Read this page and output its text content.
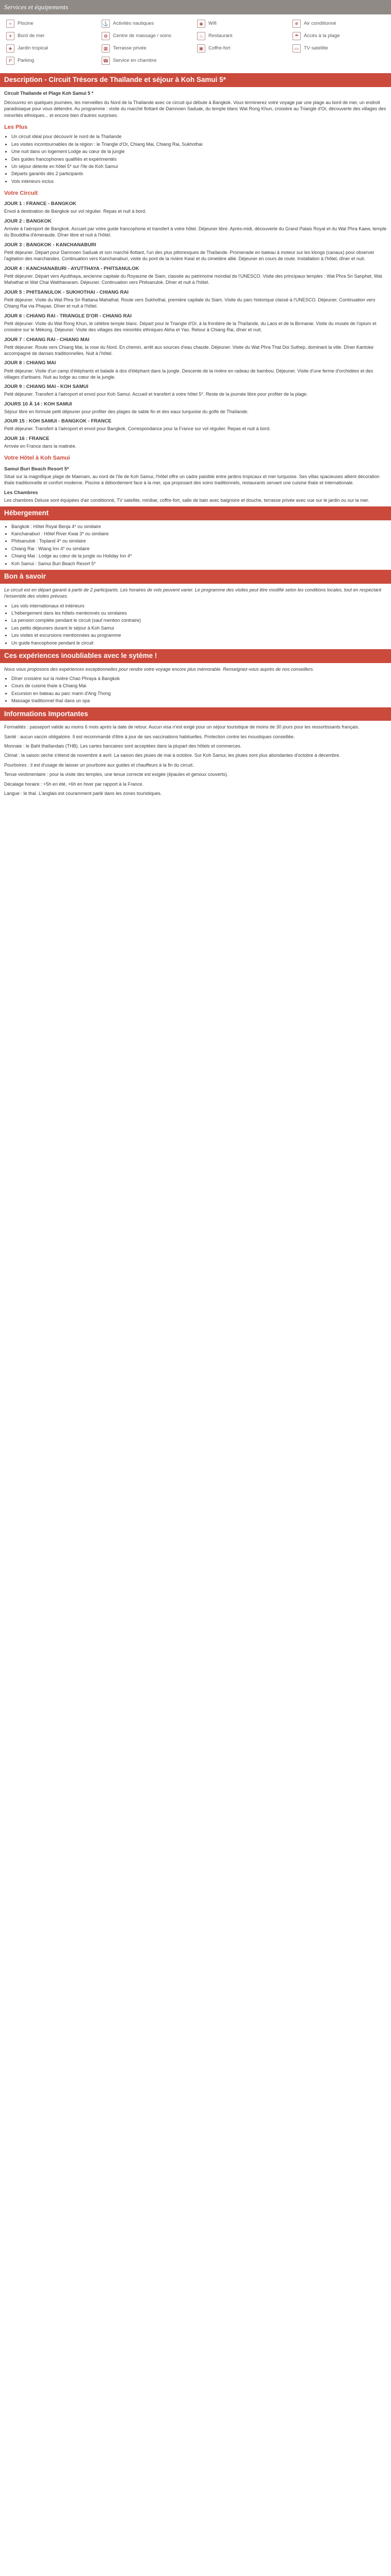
Services et équipements
≈	Piscine	⚓ Activités nautiques	◉	Wifi	❄	Air conditionné
☀	Bord de mer	✿	Centre de massage / soins	♨	Restaurant	☂	Accès à la plage
♣	Jardin tropical	▦	Terrasse privée	▣	Coffre-fort	▭	TV satellite
P	Parking	☎ Service en chambre
Description - Circuit Trésors de Thaïlande et séjour à Koh Samui 5*

Circuit Thaïlande et Plage Koh Samui 5 *

Découvrez en quelques journées, les merveilles du Nord de la Thaïlande avec ce circuit qui débute à Bangkok. Vous terminerez votre voyage par une plage au bord de mer, un endroit paradisiaque pour vous détendre. Au programme : visite du marché flottant de Damnoen Saduak, du temple blanc Wat Rong Khun, croisière au Triangle d'Or, découverte des villages des minorités ethniques... et encore bien d'autres surprises.

Les Plus
• Un circuit idéal pour découvrir le nord de la Thaïlande
• Les visites incontournables de la région : le Triangle d'Or, Chiang Mai, Chiang Rai, Sukhothai
• Une nuit dans un logement Lodge au cœur de la jungle
• Des guides francophones qualifiés et expérimentés
• Un séjour détente en hôtel 5* sur l'île de Koh Samui
• Départs garantis dès 2 participants
• Vols intérieurs inclus
Votre Circuit
JOUR 1 : FRANCE - BANGKOK

Envol à destination de Bangkok sur vol régulier. Repas et nuit à bord.

JOUR 2 : BANGKOK

Arrivée à l'aéroport de Bangkok. Accueil par votre guide francophone et transfert à votre hôtel. Déjeuner libre. Après-midi, découverte du Grand Palais Royal et du Wat Phra Kaew, temple du Bouddha d'émeraude. Dîner libre et nuit à l'hôtel.

JOUR 3 : BANGKOK - KANCHANABURI

Petit déjeuner. Départ pour Damnoen Saduak et son marché flottant, l'un des plus pittoresques de Thaïlande. Promenade en bateau à moteur sur les klongs (canaux) pour observer l'agitation des marchandes. Continuation vers Kanchanaburi, visite du pont de la rivière Kwaï et du cimetière allié. Déjeuner en cours de route. Installation à l'hôtel, dîner et nuit.

JOUR 4 : KANCHANABURI - AYUTTHAYA - PHITSANULOK

Petit déjeuner. Départ vers Ayutthaya, ancienne capitale du Royaume de Siam, classée au patrimoine mondial de l'UNESCO. Visite des principaux temples : Wat Phra Sri Sanphet, Wat Mahathat et Wat Chai Watthanaram. Déjeuner. Continuation vers Phitsanulok. Dîner et nuit à l'hôtel.

JOUR 5 : PHITSANULOK - SUKHOTHAI - CHIANG RAI

Petit déjeuner. Visite du Wat Phra Sri Rattana Mahathat. Route vers Sukhothai, première capitale du Siam. Visite du parc historique classé à l'UNESCO. Déjeuner. Continuation vers Chiang Rai via Phayao. Dîner et nuit à l'hôtel.

JOUR 6 : CHIANG RAI - TRIANGLE D'OR - CHIANG RAI

Petit déjeuner. Visite du Wat Rong Khun, le célèbre temple blanc. Départ pour le Triangle d'Or, à la frontière de la Thaïlande, du Laos et de la Birmanie. Visite du musée de l'opium et croisière sur le Mékong. Déjeuner. Visite des villages des minorités ethniques Akha et Yao. Retour à Chiang Rai, dîner et nuit.

JOUR 7 : CHIANG RAI - CHIANG MAI

Petit déjeuner. Route vers Chiang Mai, la rose du Nord. En chemin, arrêt aux sources d'eau chaude. Déjeuner. Visite du Wat Phra That Doi Suthep, dominant la ville. Dîner Kantoke accompagné de danses traditionnelles. Nuit à l'hôtel.

JOUR 8 : CHIANG MAI

Petit déjeuner. Visite d'un camp d'éléphants et balade à dos d'éléphant dans la jungle. Descente de la rivière en radeau de bambou. Déjeuner. Visite d'une ferme d'orchidées et des villages d'artisans. Nuit au lodge au cœur de la jungle.

JOUR 9 : CHIANG MAI - KOH SAMUI

Petit déjeuner. Transfert à l'aéroport et envol pour Koh Samui. Accueil et transfert à votre hôtel 5*. Reste de la journée libre pour profiter de la plage.

JOURS 10 À 14 : KOH SAMUI

Séjour libre en formule petit déjeuner pour profiter des plages de sable fin et des eaux turquoise du golfe de Thaïlande.

JOUR 15 : KOH SAMUI - BANGKOK - FRANCE

Petit déjeuner. Transfert à l'aéroport et envol pour Bangkok. Correspondance pour la France sur vol régulier. Repas et nuit à bord.

JOUR 16 : FRANCE

Arrivée en France dans la matinée.

Votre Hôtel à Koh Samui
Samui Buri Beach Resort 5*

Situé sur la magnifique plage de Maenam, au nord de l'île de Koh Samui, l'hôtel offre un cadre paisible entre jardins tropicaux et mer turquoise. Ses villas spacieuses allient décoration thaïe traditionnelle et confort moderne. Piscine à débordement face à la mer, spa proposant des soins traditionnels, restaurants servant une cuisine thaïe et internationale.

Les Chambres

Les chambres Deluxe sont équipées d'air conditionné, TV satellite, minibar, coffre-fort, salle de bain avec baignoire et douche, terrasse privée avec vue sur le jardin ou sur la mer.

Hébergement
• Bangkok : Hôtel Royal Benja 4* ou similaire
• Kanchanaburi : Hôtel River Kwai 3* ou similaire
• Phitsanulok : Topland 4* ou similaire
• Chiang Rai : Wiang Inn 4* ou similaire
• Chiang Mai : Lodge au cœur de la jungle ou Holiday Inn 4*
• Koh Samui : Samui Buri Beach Resort 5*
Bon à savoir

Le circuit est en départ garanti à partir de 2 participants. Les horaires de vols peuvent varier. Le programme des visites peut être modifié selon les conditions locales, tout en respectant l'ensemble des visites prévues.

• Les vols internationaux et intérieurs
• L'hébergement dans les hôtels mentionnés ou similaires
• La pension complète pendant le circuit (sauf mention contraire)
• Les petits déjeuners durant le séjour à Koh Samui
• Les visites et excursions mentionnées au programme
• Un guide francophone pendant le circuit
Ces expériences inoubliables avec le sytème !

Nous vous proposons des expériences exceptionnelles pour rendre votre voyage encore plus mémorable. Renseignez-vous auprès de nos conseillers.

• Dîner croisière sur la rivière Chao Phraya à Bangkok
• Cours de cuisine thaïe à Chiang Mai
• Excursion en bateau au parc marin d'Ang Thong
• Massage traditionnel thaï dans un spa
Informations Importantes

Formalités : passeport valide au moins 6 mois après la date de retour. Aucun visa n'est exigé pour un séjour touristique de moins de 30 jours pour les ressortissants français.

Santé : aucun vaccin obligatoire. Il est recommandé d'être à jour de ses vaccinations habituelles. Protection contre les moustiques conseillée.

Monnaie : le Baht thaïlandais (THB). Les cartes bancaires sont acceptées dans la plupart des hôtels et commerces.

Climat : la saison sèche s'étend de novembre à avril. La saison des pluies de mai à octobre. Sur Koh Samui, les pluies sont plus abondantes d'octobre à décembre.

Pourboires : il est d'usage de laisser un pourboire aux guides et chauffeurs à la fin du circuit.

Tenue vestimentaire : pour la visite des temples, une tenue correcte est exigée (épaules et genoux couverts).

Décalage horaire : +5h en été, +6h en hiver par rapport à la France.

Langue : le thaï. L'anglais est couramment parlé dans les zones touristiques.
